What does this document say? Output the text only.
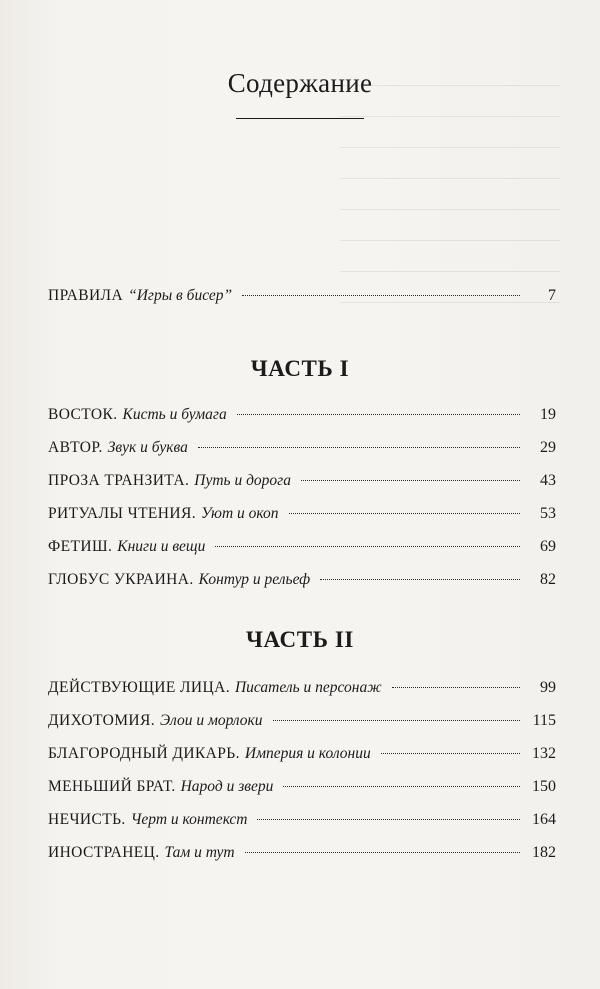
Содержание
ПРАВИЛА “Игры в бисер”	7
ЧАСТЬ I
ВОСТОК. Кисть и бумага	19
АВТОР. Звук и буква	29
ПРОЗА ТРАНЗИТА. Путь и дорога	43
РИТУАЛЫ ЧТЕНИЯ. Уют и окоп	53
ФЕТИШ. Книги и вещи	69
ГЛОБУС УКРАИНА. Контур и рельеф	82
ЧАСТЬ II
ДЕЙСТВУЮЩИЕ ЛИЦА. Писатель и персонаж	99
ДИХОТОМИЯ. Элои и морлоки	115
БЛАГОРОДНЫЙ ДИКАРЬ. Империя и колонии	132
МЕНЬШИЙ БРАТ. Народ и звери	150
НЕЧИСТЬ. Черт и контекст	164
ИНОСТРАНЕЦ. Там и тут	182
